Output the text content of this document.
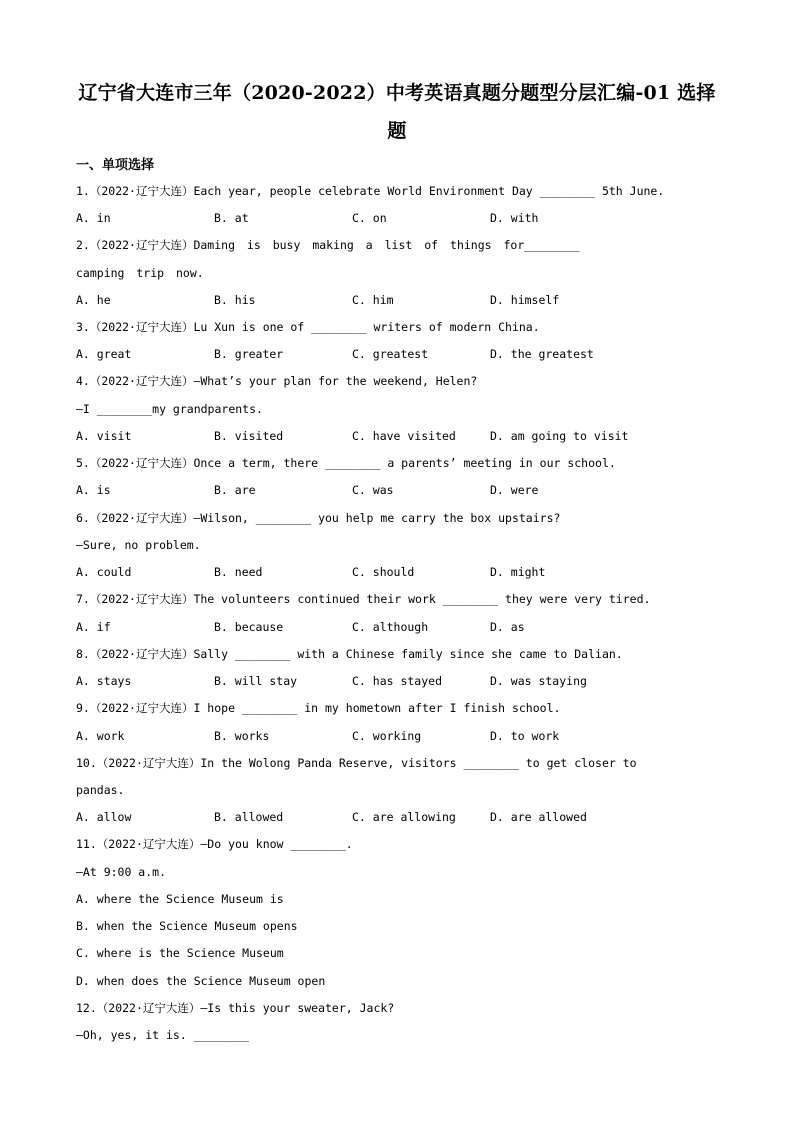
辽宁省大连市三年（2020-2022）中考英语真题分题型分层汇编-01 选择
题
一、单项选择
1.（2022·辽宁大连）Each year, people celebrate World Environment Day ________ 5th June.
A. in	B. at	C. on	D. with
2.（2022·辽宁大连）Daming is busy making a list of things for________
camping trip now.
A. he	B. his	C. him	D. himself
3.（2022·辽宁大连）Lu Xun is one of ________ writers of modern China.
A. great	B. greater	C. greatest	D. the greatest
4.（2022·辽宁大连）—What’s your plan for the weekend, Helen?
—I ________my grandparents.
A. visit	B. visited	C. have visited	D. am going to visit
5.（2022·辽宁大连）Once a term, there ________ a parents’ meeting in our school.
A. is	B. are	C. was	D. were
6.（2022·辽宁大连）—Wilson, ________ you help me carry the box upstairs?
—Sure, no problem.
A. could	B. need	C. should	D. might
7.（2022·辽宁大连）The volunteers continued their work ________ they were very tired.
A. if	B. because	C. although	D. as
8.（2022·辽宁大连）Sally ________ with a Chinese family since she came to Dalian.
A. stays	B. will stay	C. has stayed	D. was staying
9.（2022·辽宁大连）I hope ________ in my hometown after I finish school.
A. work	B. works	C. working	D. to work
10.（2022·辽宁大连）In the Wolong Panda Reserve, visitors ________ to get closer to
pandas.
A. allow	B. allowed	C. are allowing	D. are allowed
11.（2022·辽宁大连）—Do you know ________.
—At 9:00 a.m.
A. where the Science Museum is
B. when the Science Museum opens
C. where is the Science Museum
D. when does the Science Museum open
12.（2022·辽宁大连）—Is this your sweater, Jack?
—Oh, yes, it is. ________
